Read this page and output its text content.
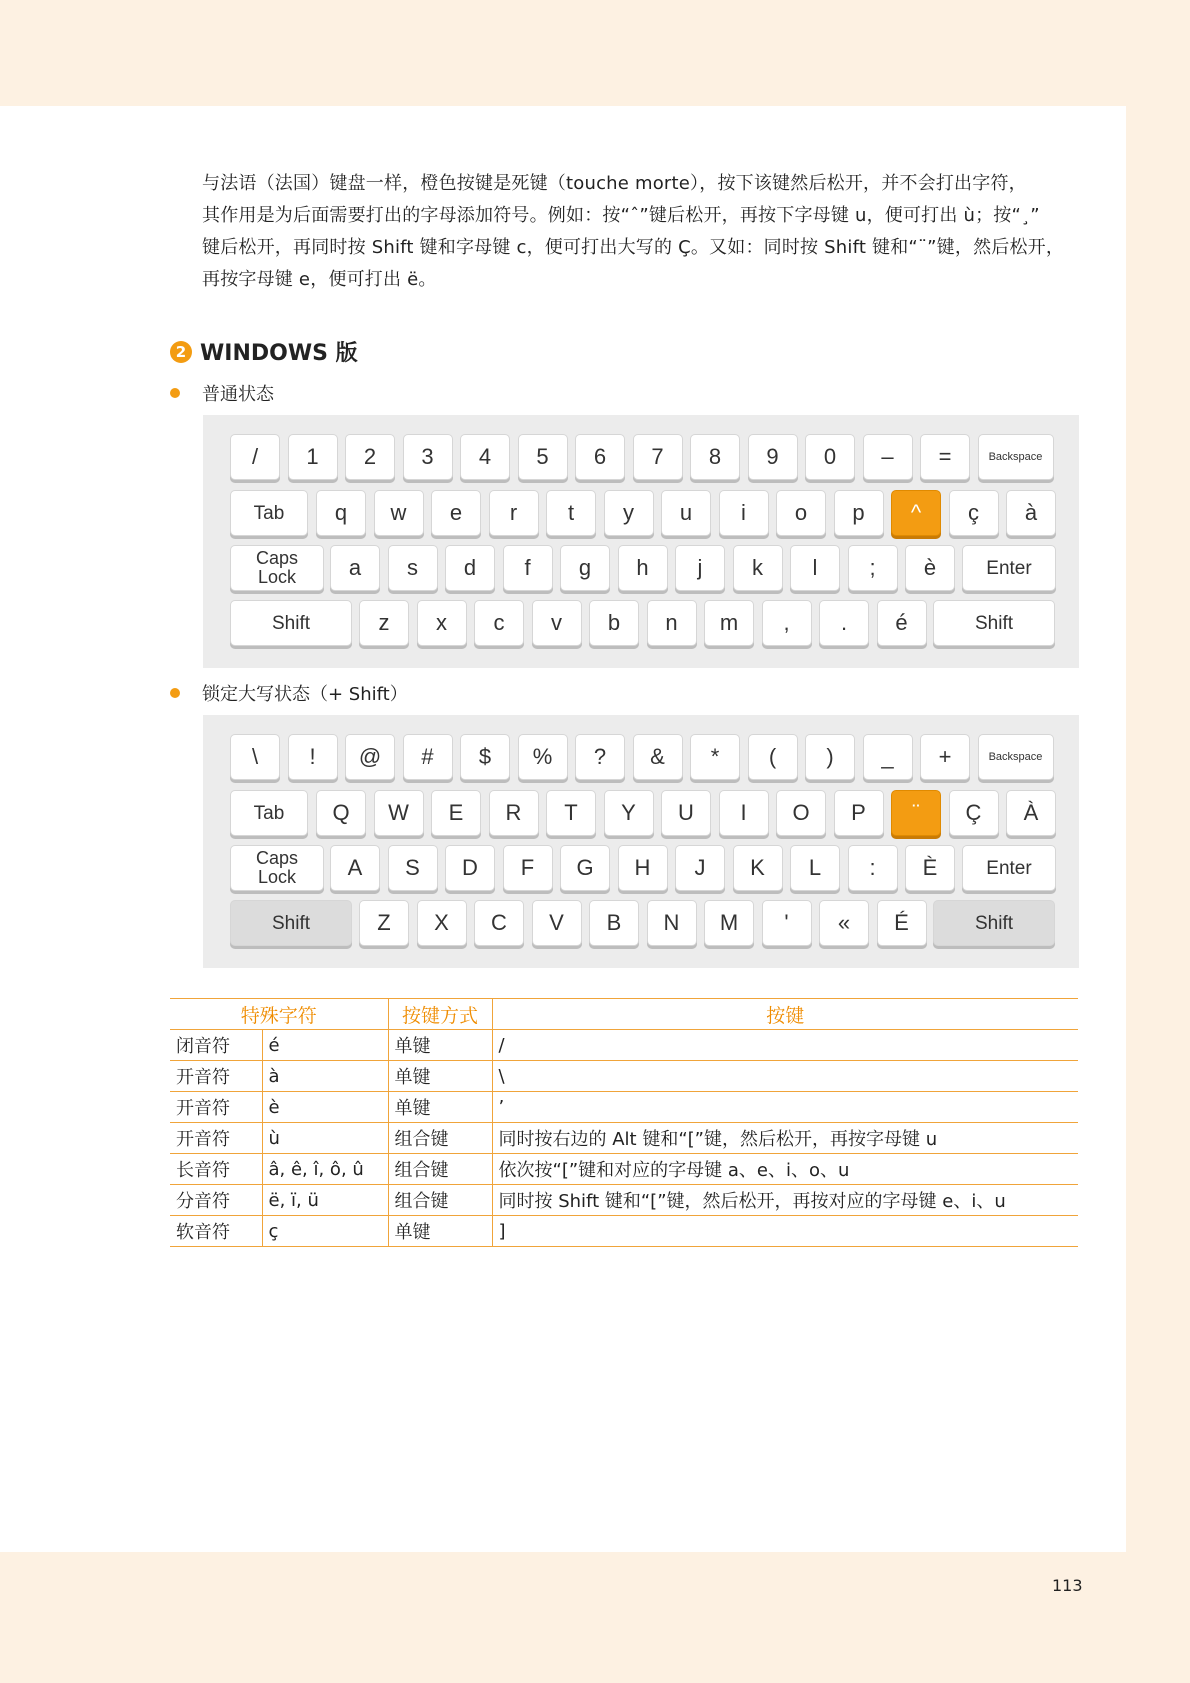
与法语（法国）键盘一样，橙色按键是死键（touche morte），按下该键然后松开，并不会打出字符，

其作用是为后面需要打出的字母添加符号。例如：按“ˆ”键后松开，再按下字母键 u，便可打出 ù；按“¸”

键后松开，再同时按 Shift 键和字母键 c，便可打出大写的 Ç。又如：同时按 Shift 键和“¨”键，然后松开，

再按字母键 e，便可打出 ë。

2 WINDOWS 版
普通状态
/	1	2	3	4	5	6	7	8	9	0	–	=	Backspace
Tab	q	w	e	r	t	y	u	i	o	p	^	ç	à
Caps Lock	a	s	d	f	g	h	j	k	l	;	è	Enter
Shift	z	x	c	v	b	n	m	,	.	é	Shift
锁定大写状态（+ Shift）
\	!	@	#	$	%	?	&	*	(	)	_	+	Backspace
Tab	Q	W	E	R	T	Y	U	I	O	P	¨	Ç	À
Caps Lock	A	S	D	F	G	H	J	K	L	:	È	Enter
Shift	Z	X	C	V	B	N	M	'	«	É	Shift
特殊字符		按键方式	按键
闭音符	é	单键	/
开音符	à	单键	\
开音符	è	单键	’
开音符	ù	组合键	同时按右边的 Alt 键和“[”键，然后松开，再按字母键 u
长音符	â, ê, î, ô, û	组合键	依次按“[”键和对应的字母键 a、e、i、o、u
分音符	ë, ï, ü	组合键	同时按 Shift 键和“[”键，然后松开，再按对应的字母键 e、i、u
软音符	ç	单键	]
113
